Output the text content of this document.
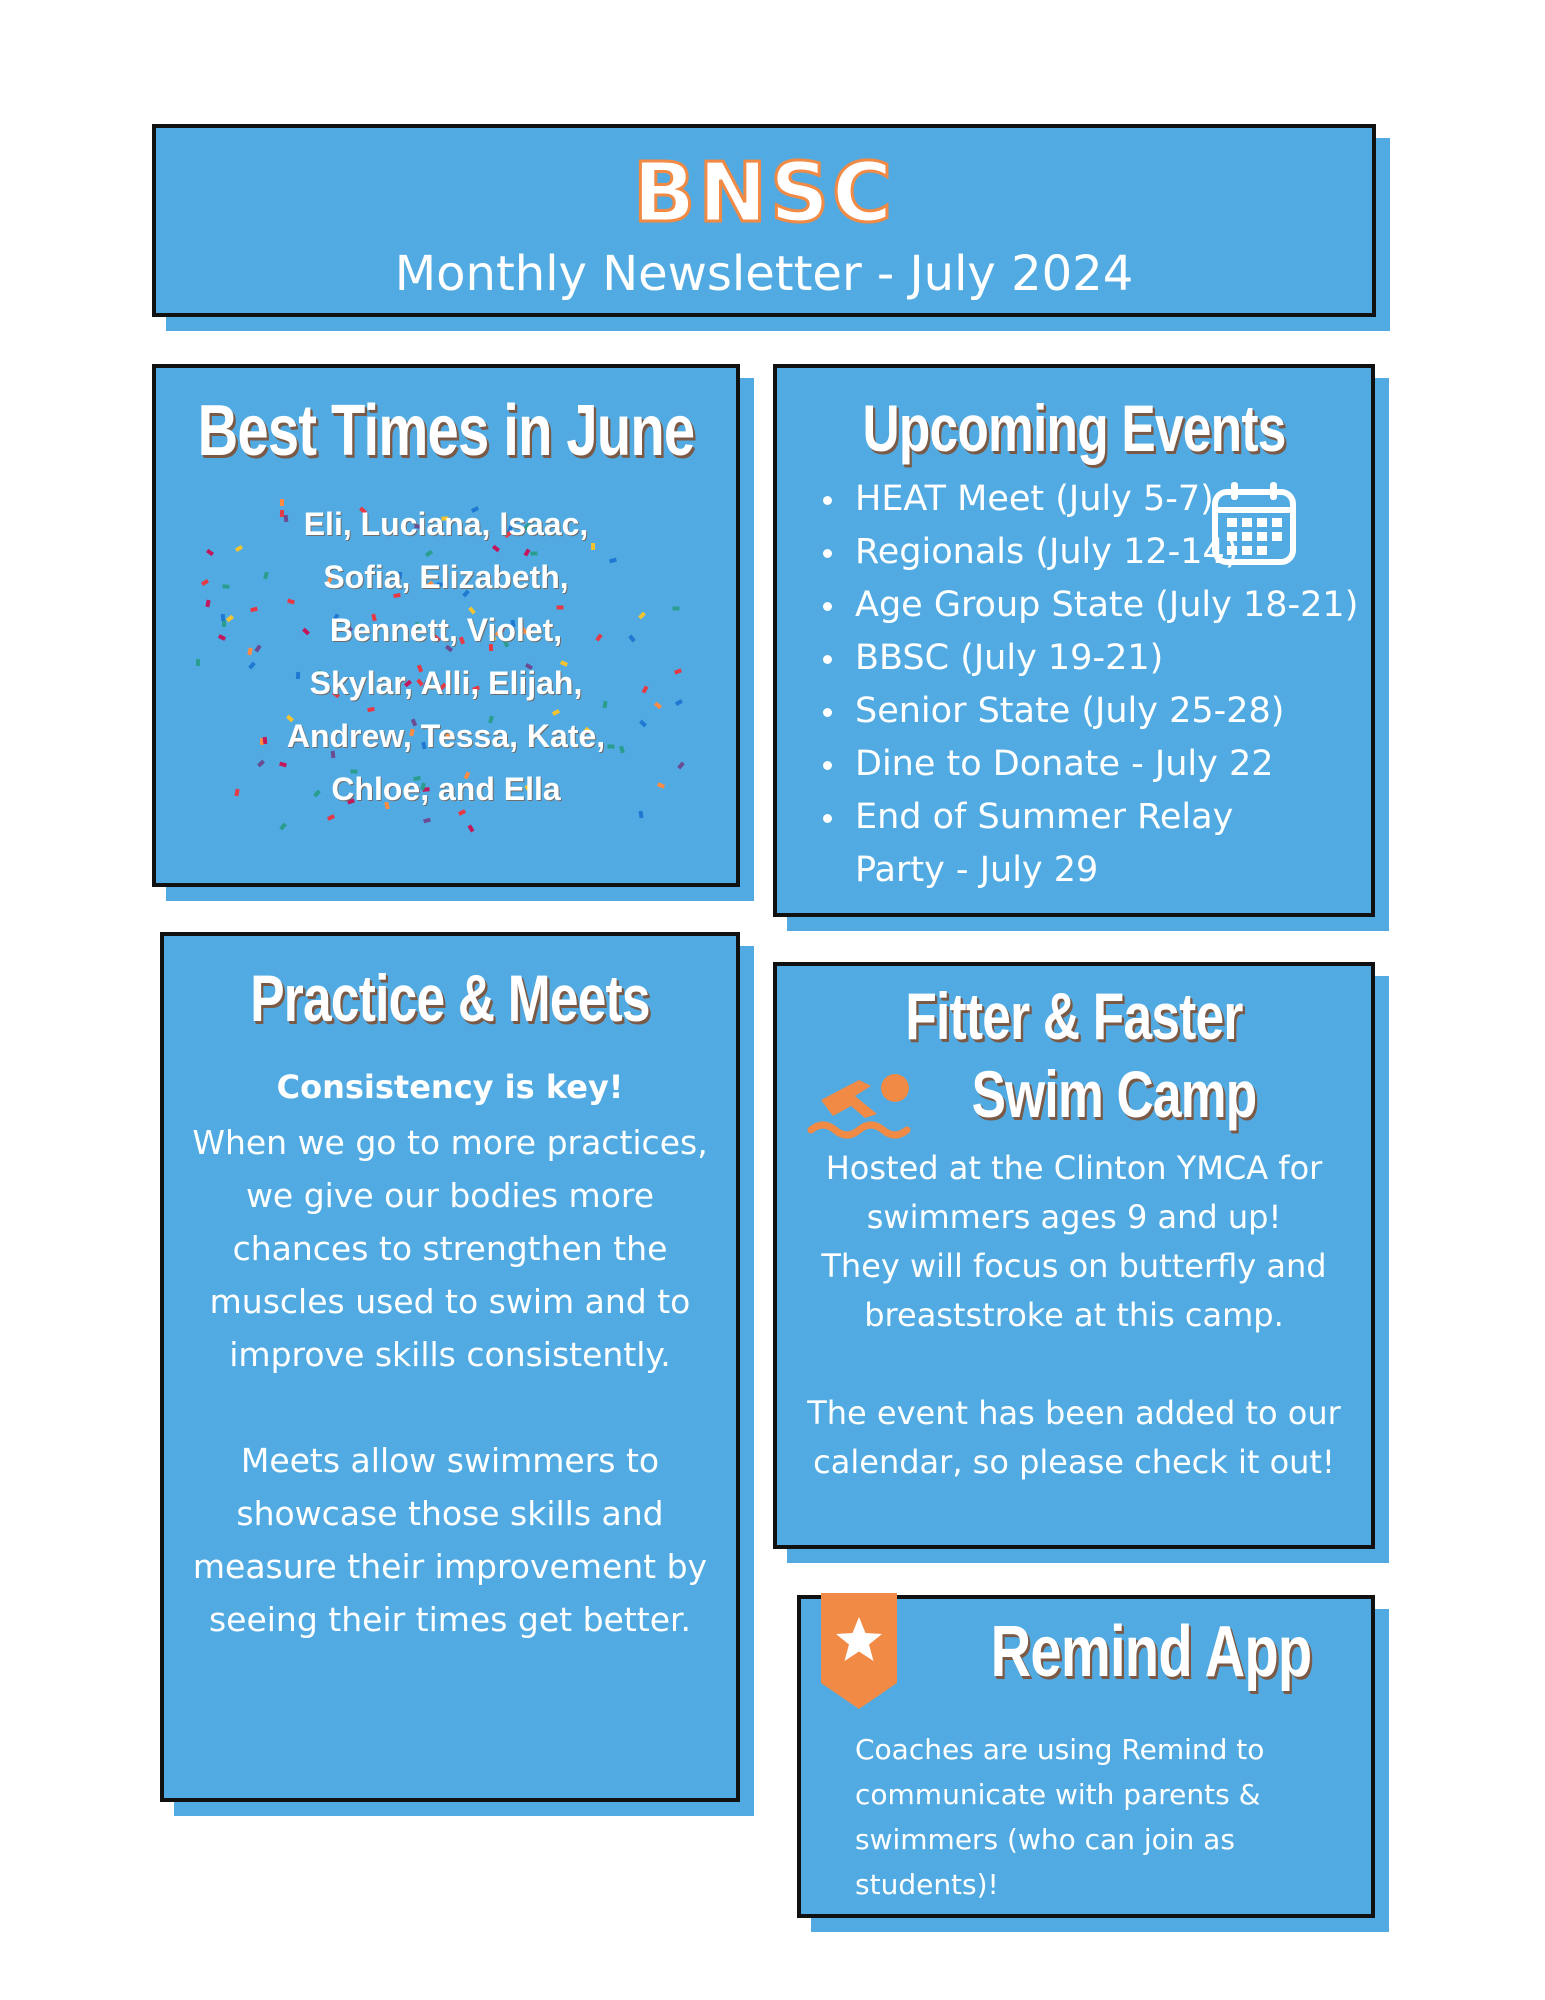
BNSC
Monthly Newsletter - July 2024
Best Times in June
Eli, Luciana, Isaac, Sofia, Elizabeth, Bennett, Violet, Skylar, Alli, Elijah, Andrew, Tessa, Kate, Chloe, and Ella
Upcoming Events
HEAT Meet (July 5-7)
Regionals (July 12-14)
Age Group State (July 18-21)
BBSC (July 19-21)
Senior State (July 25-28)
Dine to Donate - July 22
End of Summer Relay Party - July 29
Practice & Meets
Consistency is key!
When we go to more practices, we give our bodies more chances to strengthen the muscles used to swim and to improve skills consistently.
Meets allow swimmers to showcase those skills and measure their improvement by seeing their times get better.
Fitter & Faster
Swim Camp
Hosted at the Clinton YMCA for swimmers ages 9 and up!
They will focus on butterfly and breaststroke at this camp.
The event has been added to our calendar, so please check it out!
Remind App
Coaches are using Remind to communicate with parents & swimmers (who can join as students)!
